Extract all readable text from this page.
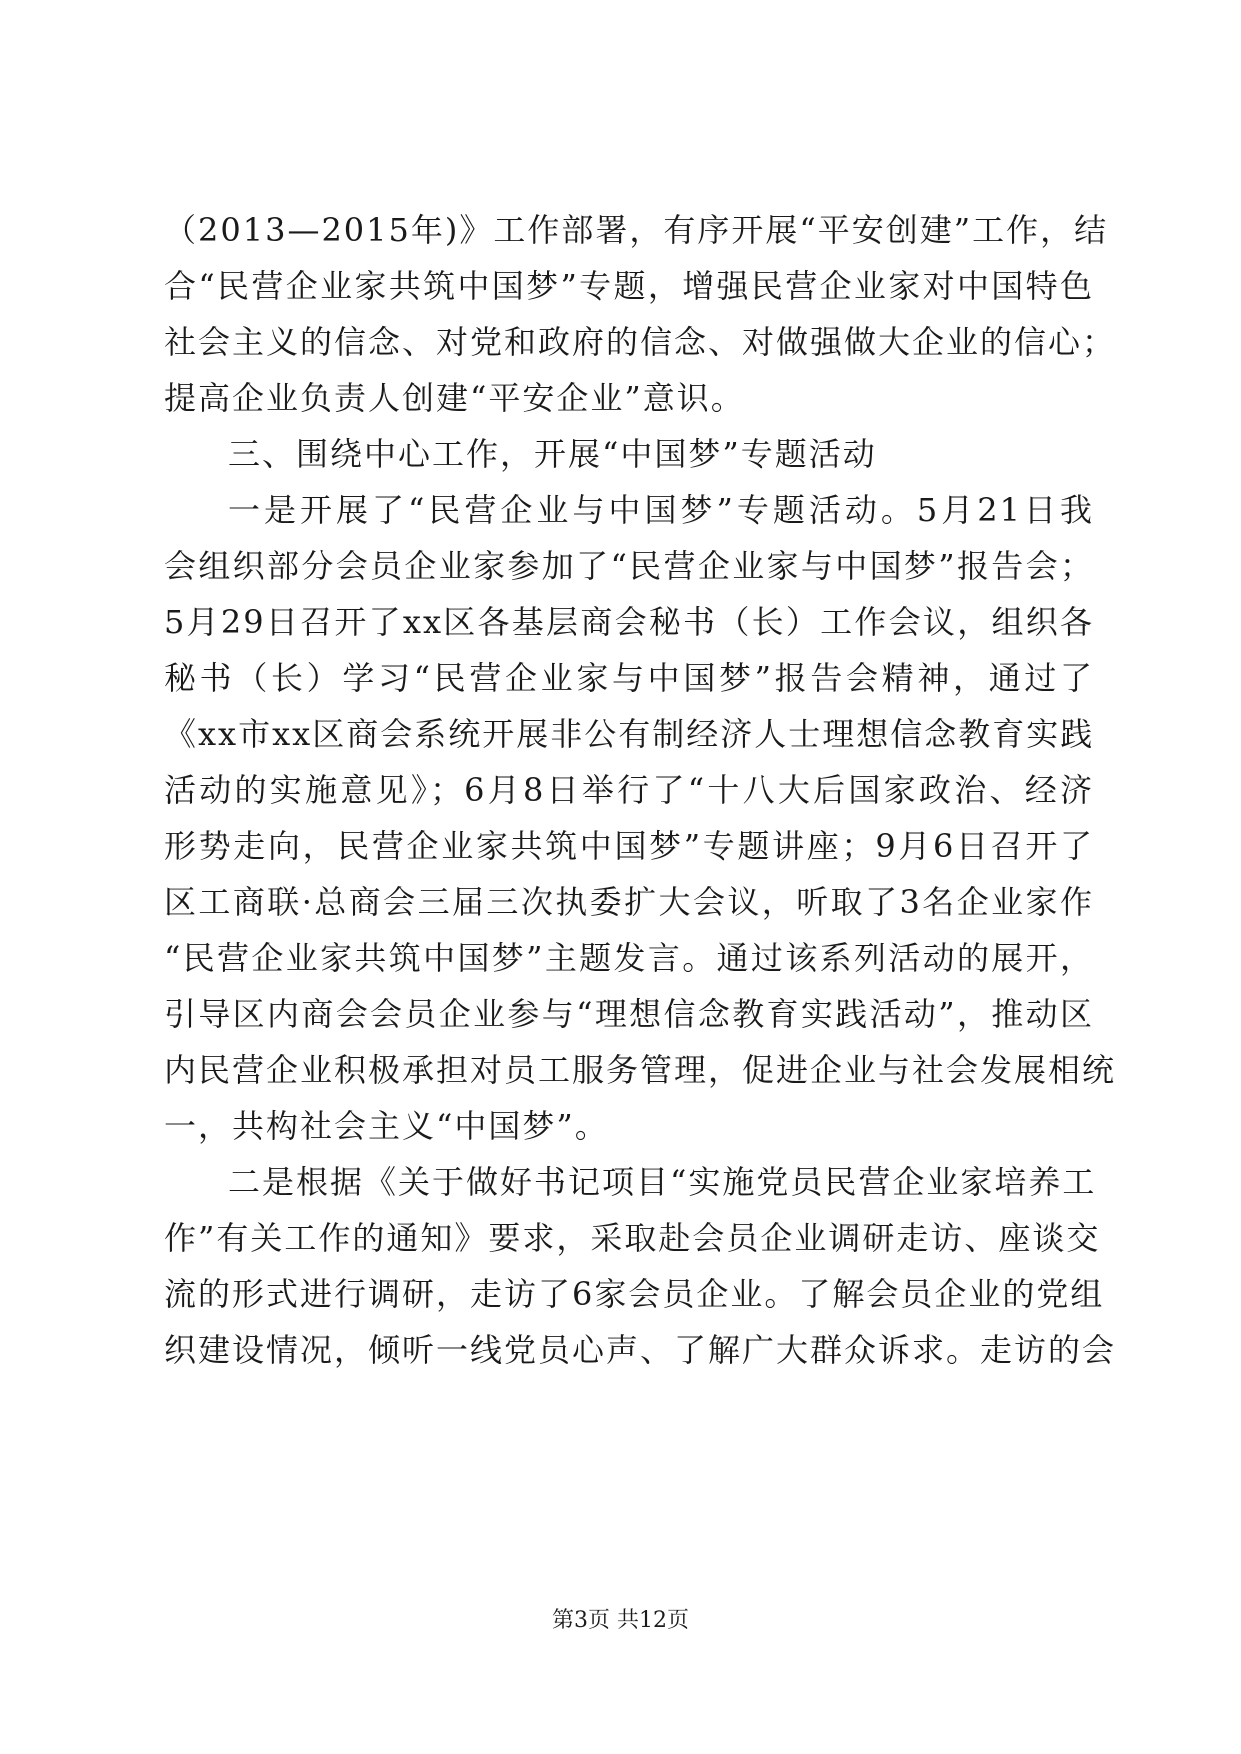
（2013—2015年)》工作部署，有序开展“平安创建”工作，结
合“民营企业家共筑中国梦”专题，增强民营企业家对中国特色
社会主义的信念、对党和政府的信念、对做强做大企业的信心；
提高企业负责人创建“平安企业”意识。
三、围绕中心工作，开展“中国梦”专题活动
一是开展了“民营企业与中国梦”专题活动。5月21日我
会组织部分会员企业家参加了“民营企业家与中国梦”报告会；
5月29日召开了xx区各基层商会秘书（长）工作会议，组织各
秘书（长）学习“民营企业家与中国梦”报告会精神，通过了
《xx市xx区商会系统开展非公有制经济人士理想信念教育实践
活动的实施意见》；6月8日举行了“十八大后国家政治、经济
形势走向，民营企业家共筑中国梦”专题讲座；9月6日召开了
区工商联·总商会三届三次执委扩大会议，听取了3名企业家作
“民营企业家共筑中国梦”主题发言。通过该系列活动的展开，
引导区内商会会员企业参与“理想信念教育实践活动”，推动区
内民营企业积极承担对员工服务管理，促进企业与社会发展相统
一，共构社会主义“中国梦”。
二是根据《关于做好书记项目“实施党员民营企业家培养工
作”有关工作的通知》要求，采取赴会员企业调研走访、座谈交
流的形式进行调研，走访了6家会员企业。了解会员企业的党组
织建设情况，倾听一线党员心声、了解广大群众诉求。走访的会
第3页 共12页
